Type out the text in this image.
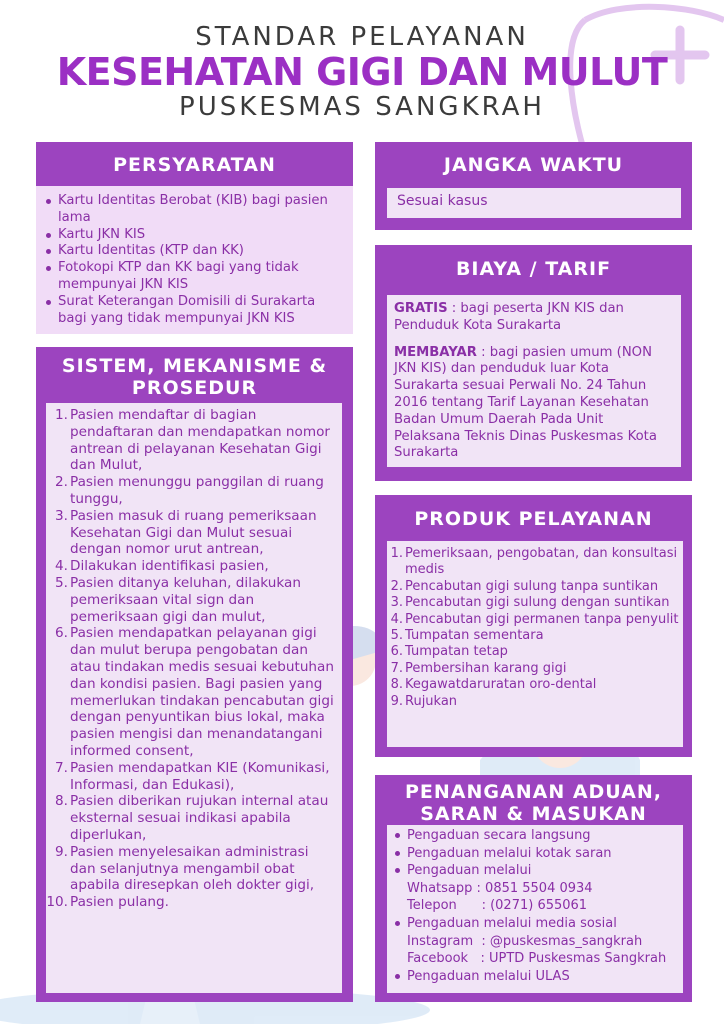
STANDAR PELAYANAN
KESEHATAN GIGI DAN MULUT
PUSKESMAS SANGKRAH
PERSYARATAN
Kartu Identitas Berobat (KIB) bagi pasien lama
Kartu JKN KIS
Kartu Identitas (KTP dan KK)
Fotokopi KTP dan KK bagi yang tidak mempunyai JKN KIS
Surat Keterangan Domisili di Surakarta bagi yang tidak mempunyai JKN KIS
JANGKA WAKTU
Sesuai kasus
BIAYA / TARIF
GRATIS : bagi peserta JKN KIS dan Penduduk Kota Surakarta
MEMBAYAR : bagi pasien umum (NON JKN KIS) dan penduduk luar Kota Surakarta sesuai Perwali No. 24 Tahun 2016 tentang Tarif Layanan Kesehatan Badan Umum Daerah Pada Unit Pelaksana Teknis Dinas Puskesmas Kota Surakarta
SISTEM, MEKANISME &
PROSEDUR
1. Pasien mendaftar di bagian pendaftaran dan mendapatkan nomor antrean di pelayanan Kesehatan Gigi dan Mulut,
2. Pasien menunggu panggilan di ruang tunggu,
3. Pasien masuk di ruang pemeriksaan Kesehatan Gigi dan Mulut sesuai dengan nomor urut antrean,
4. Dilakukan identifikasi pasien,
5. Pasien ditanya keluhan, dilakukan pemeriksaan vital sign dan pemeriksaan gigi dan mulut,
6. Pasien mendapatkan pelayanan gigi dan mulut berupa pengobatan dan atau tindakan medis sesuai kebutuhan dan kondisi pasien. Bagi pasien yang memerlukan tindakan pencabutan gigi dengan penyuntikan bius lokal, maka pasien mengisi dan menandatangani informed consent,
7. Pasien mendapatkan KIE (Komunikasi, Informasi, dan Edukasi),
8. Pasien diberikan rujukan internal atau eksternal sesuai indikasi apabila diperlukan,
9. Pasien menyelesaikan administrasi dan selanjutnya mengambil obat apabila diresepkan oleh dokter gigi,
10. Pasien pulang.
PRODUK PELAYANAN
1. Pemeriksaan, pengobatan, dan konsultasi medis
2. Pencabutan gigi sulung tanpa suntikan
3. Pencabutan gigi sulung dengan suntikan
4. Pencabutan gigi permanen tanpa penyulit
5. Tumpatan sementara
6. Tumpatan tetap
7. Pembersihan karang gigi
8. Kegawatdaruratan oro-dental
9. Rujukan
PENANGANAN ADUAN,
SARAN & MASUKAN
Pengaduan secara langsung
Pengaduan melalui kotak saran
Pengaduan melalui
Whatsapp : 0851 5504 0934
Telepon      : (0271) 655061
Pengaduan melalui media sosial
Instagram  : @puskesmas_sangkrah
Facebook   : UPTD Puskesmas Sangkrah
Pengaduan melalui ULAS
